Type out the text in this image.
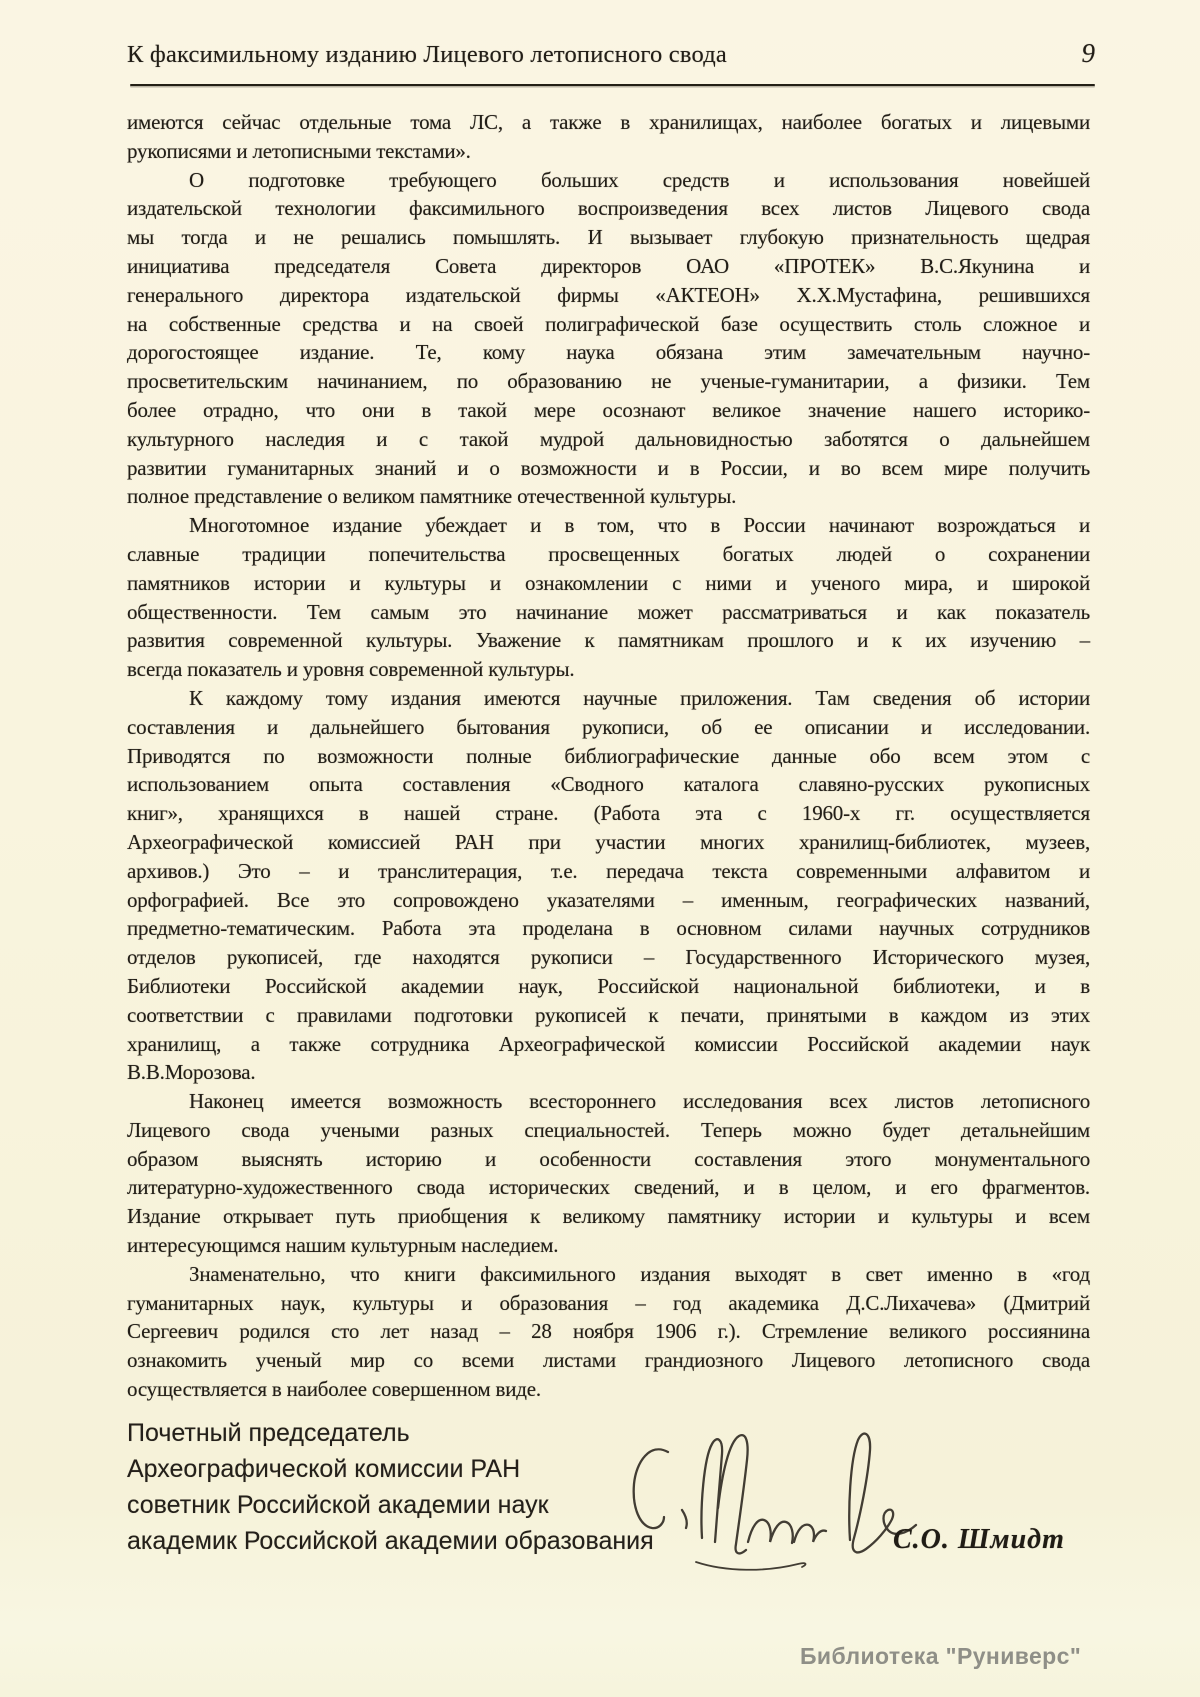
К факсимильному изданию Лицевого летописного свода	9
имеются сейчас отдельные тома ЛС, а также в хранилищах, наиболее богатых и лицевыми
рукописями и летописными текстами».
О подготовке требующего больших средств и использования новейшей
издательской технологии факсимильного воспроизведения всех листов Лицевого свода
мы тогда и не решались помышлять. И вызывает глубокую признательность щедрая
инициатива председателя Совета директоров ОАО «ПРОТЕК» В.С.Якунина и
генерального директора издательской фирмы «АКТЕОН» Х.Х.Мустафина, решившихся
на собственные средства и на своей полиграфической базе осуществить столь сложное и
дорогостоящее издание. Те, кому наука обязана этим замечательным научно-
просветительским начинанием, по образованию не ученые-гуманитарии, а физики. Тем
более отрадно, что они в такой мере осознают великое значение нашего историко-
культурного наследия и с такой мудрой дальновидностью заботятся о дальнейшем
развитии гуманитарных знаний и о возможности и в России, и во всем мире получить
полное представление о великом памятнике отечественной культуры.
Многотомное издание убеждает и в том, что в России начинают возрождаться и
славные традиции попечительства просвещенных богатых людей о сохранении
памятников истории и культуры и ознакомлении с ними и ученого мира, и широкой
общественности. Тем самым это начинание может рассматриваться и как показатель
развития современной культуры. Уважение к памятникам прошлого и к их изучению –
всегда показатель и уровня современной культуры.
К каждому тому издания имеются научные приложения. Там сведения об истории
составления и дальнейшего бытования рукописи, об ее описании и исследовании.
Приводятся по возможности полные библиографические данные обо всем этом с
использованием опыта составления «Сводного каталога славяно-русских рукописных
книг», хранящихся в нашей стране. (Работа эта с 1960-х гг. осуществляется
Археографической комиссией РАН при участии многих хранилищ-библиотек, музеев,
архивов.) Это – и транслитерация, т.е. передача текста современными алфавитом и
орфографией. Все это сопровождено указателями – именным, географических названий,
предметно-тематическим. Работа эта проделана в основном силами научных сотрудников
отделов рукописей, где находятся рукописи – Государственного Исторического музея,
Библиотеки Российской академии наук, Российской национальной библиотеки, и в
соответствии с правилами подготовки рукописей к печати, принятыми в каждом из этих
хранилищ, а также сотрудника Археографической комиссии Российской академии наук
В.В.Морозова.
Наконец имеется возможность всестороннего исследования всех листов летописного
Лицевого свода учеными разных специальностей. Теперь можно будет детальнейшим
образом выяснять историю и особенности составления этого монументального
литературно-художественного свода исторических сведений, и в целом, и его фрагментов.
Издание открывает путь приобщения к великому памятнику истории и культуры и всем
интересующимся нашим культурным наследием.
Знаменательно, что книги факсимильного издания выходят в свет именно в «год
гуманитарных наук, культуры и образования – год академика Д.С.Лихачева» (Дмитрий
Сергеевич родился сто лет назад – 28 ноября 1906 г.). Стремление великого россиянина
ознакомить ученый мир со всеми листами грандиозного Лицевого летописного свода
осуществляется в наиболее совершенном виде.
Почетный председатель
Археографической комиссии РАН
советник Российской академии наук
академик Российской академии образования	С.О. Шмидт
Библиотека "Руниверс"
